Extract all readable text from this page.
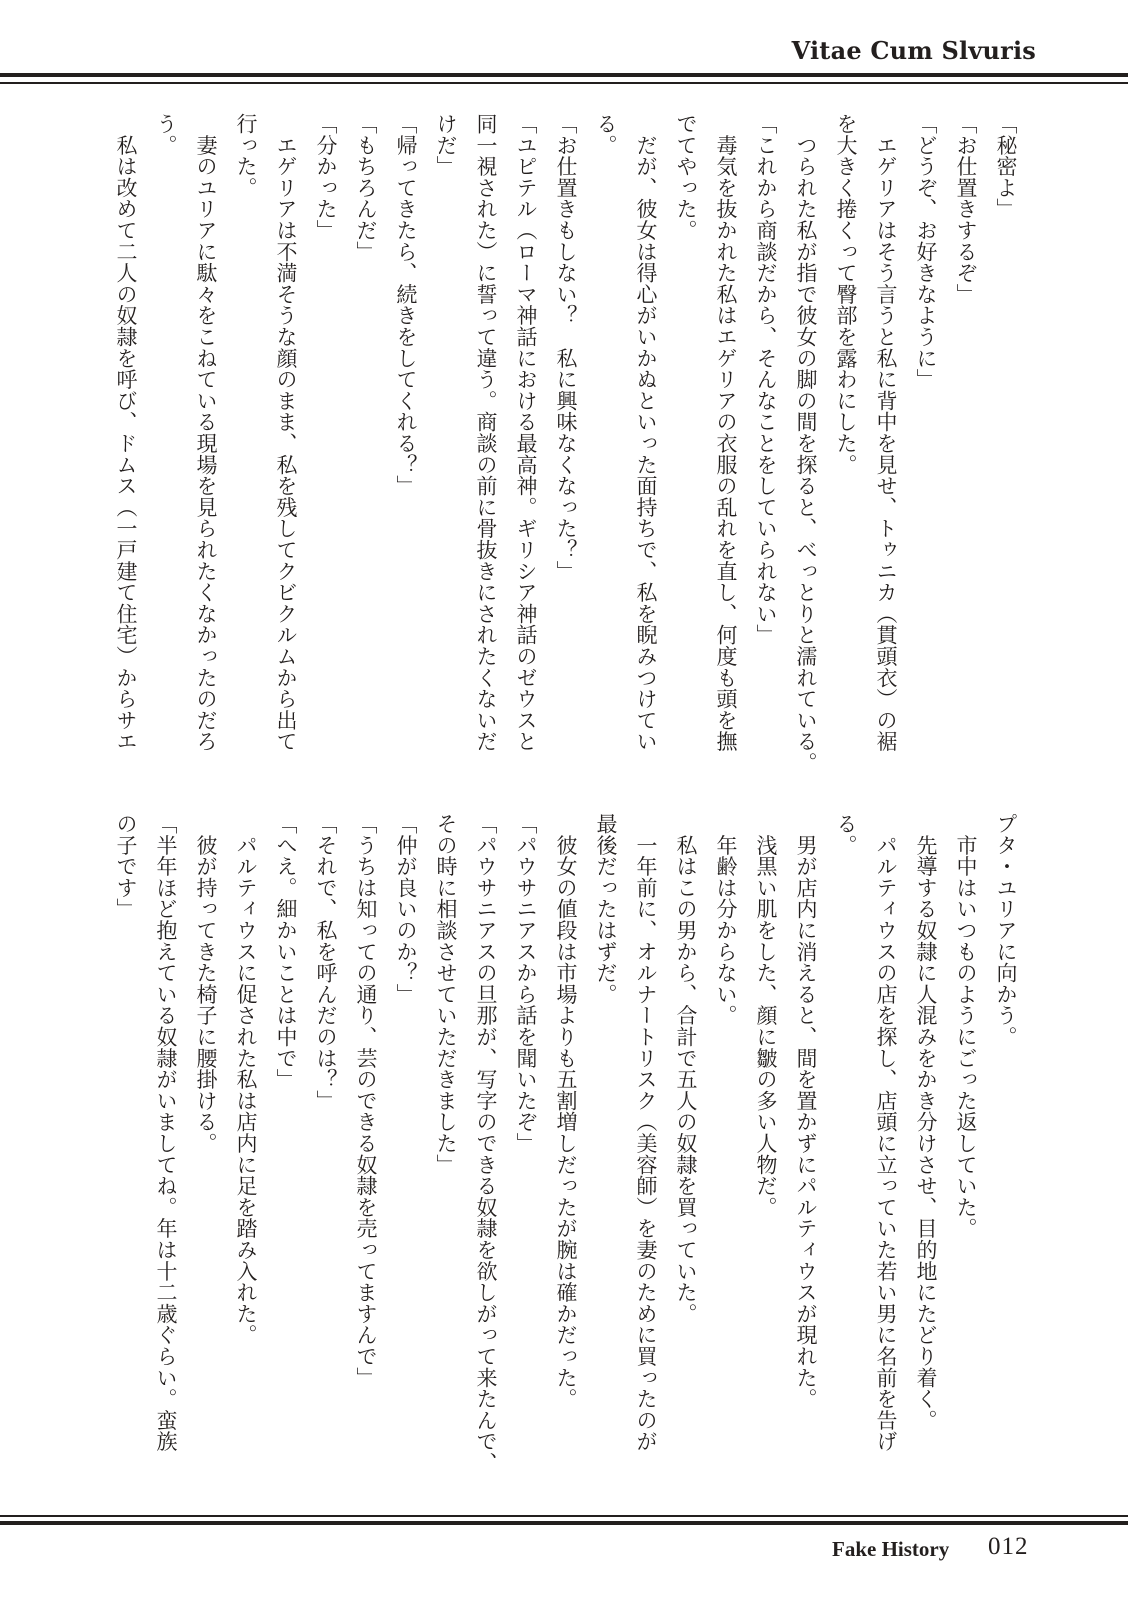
Vitae Cum Slvuris
「秘密よ」
「お仕置きするぞ」
「どうぞ、お好きなように」
　エゲリアはそう言うと私に背中を見せ、トゥニカ（貫頭衣）の裾
を大きく捲くって臀部を露わにした。
　つられた私が指で彼女の脚の間を探ると、べっとりと濡れている。
「これから商談だから、そんなことをしていられない」
　毒気を抜かれた私はエゲリアの衣服の乱れを直し、何度も頭を撫
でてやった。
　だが、彼女は得心がいかぬといった面持ちで、私を睨みつけてい
る。
「お仕置きもしない？　私に興味なくなった？」
「ユピテル（ローマ神話における最高神。ギリシア神話のゼウスと
同一視された）に誓って違う。商談の前に骨抜きにされたくないだ
けだ」
「帰ってきたら、続きをしてくれる？」
「もちろんだ」
「分かった」
　エゲリアは不満そうな顔のまま、私を残してクビクルムから出て
行った。
　妻のユリアに駄々をこねている現場を見られたくなかったのだろ
う。
　私は改めて二人の奴隷を呼び、ドムス（一戸建て住宅）からサエ
プタ・ユリアに向かう。
　市中はいつものようにごった返していた。
　先導する奴隷に人混みをかき分けさせ、目的地にたどり着く。
　パルティウスの店を探し、店頭に立っていた若い男に名前を告げ
る。
　男が店内に消えると、間を置かずにパルティウスが現れた。
　浅黒い肌をした、顔に皺の多い人物だ。
　年齢は分からない。
　私はこの男から、合計で五人の奴隷を買っていた。
　一年前に、オルナートリスク（美容師）を妻のために買ったのが
最後だったはずだ。
　彼女の値段は市場よりも五割増しだったが腕は確かだった。
「パウサニアスから話を聞いたぞ」
「パウサニアスの旦那が、写字のできる奴隷を欲しがって来たんで、
その時に相談させていただきました」
「仲が良いのか？」
「うちは知っての通り、芸のできる奴隷を売ってますんで」
「それで、私を呼んだのは？」
「へえ。細かいことは中で」
　パルティウスに促された私は店内に足を踏み入れた。
　彼が持ってきた椅子に腰掛ける。
「半年ほど抱えている奴隷がいましてね。年は十二歳ぐらい。蛮族
の子です」
Fake History 012
